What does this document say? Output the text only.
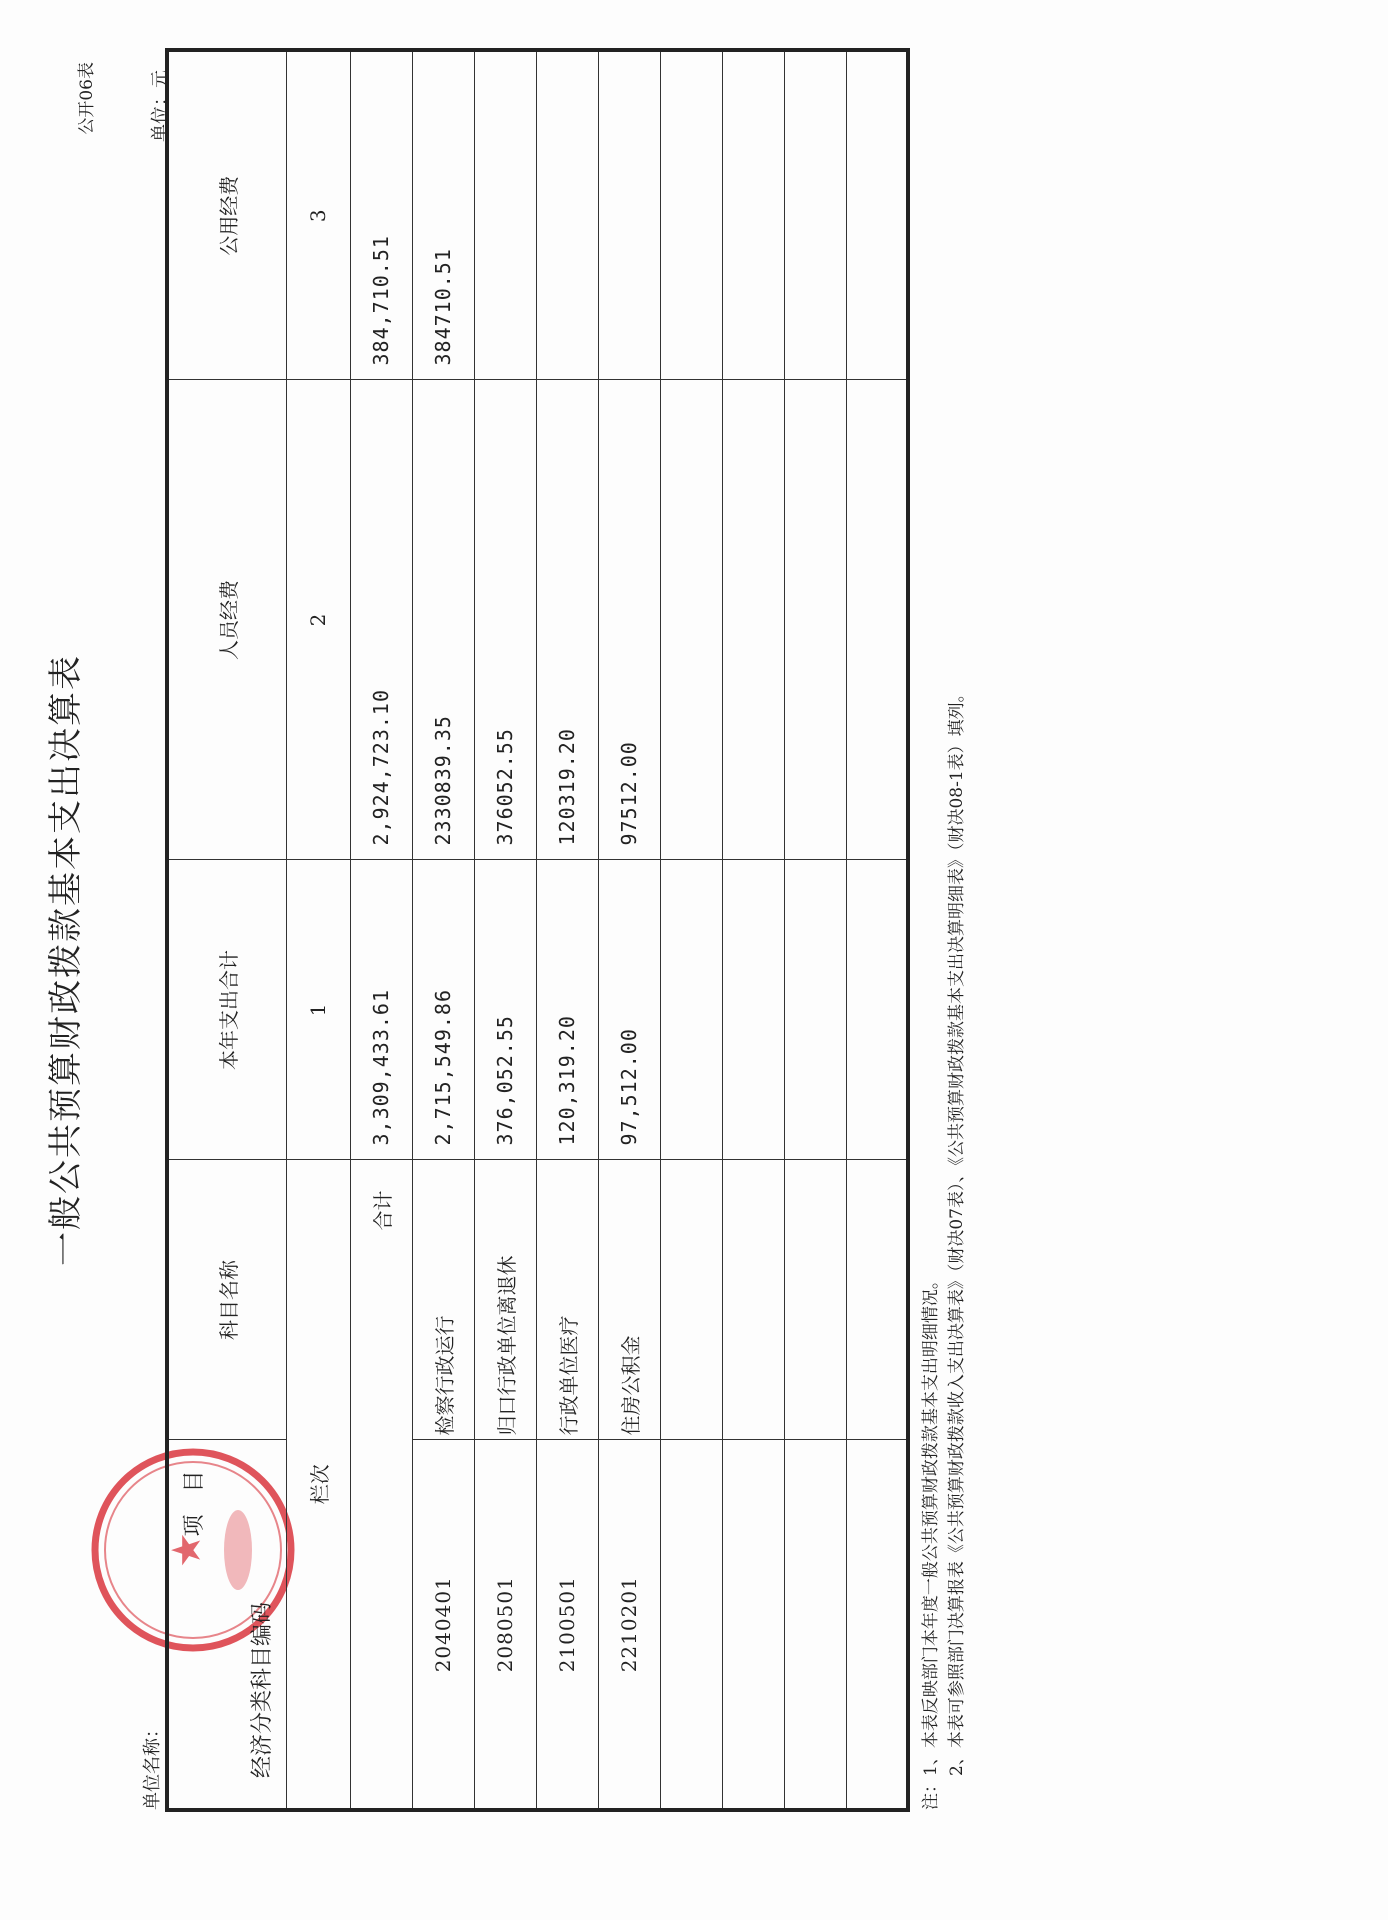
一般公共预算财政拨款基本支出决算表
公开06表
单位名称：
单位：元
★
项　目
经济分类科目编码	科目名称	本年支出合计	人员经费	公用经费
栏次		1	2	3
合计		3,309,433.61	2,924,723.10	384,710.51
2040401	检察行政运行	2,715,549.86	2330839.35	384710.51
2080501	归口行政单位离退休	376,052.55	376052.55	
2100501	行政单位医疗	120,319.20	120319.20	
2210201	住房公积金	97,512.00	97512.00	

注：1、本表反映部门本年度一般公共预算财政拨款基本支出明细情况。 　　2、本表可参照部门决算报表《公共预算财政拨款收入支出决算表》（财决07表）、《公共预算财政拨款基本支出决算明细表》（财决08-1表）填列。
